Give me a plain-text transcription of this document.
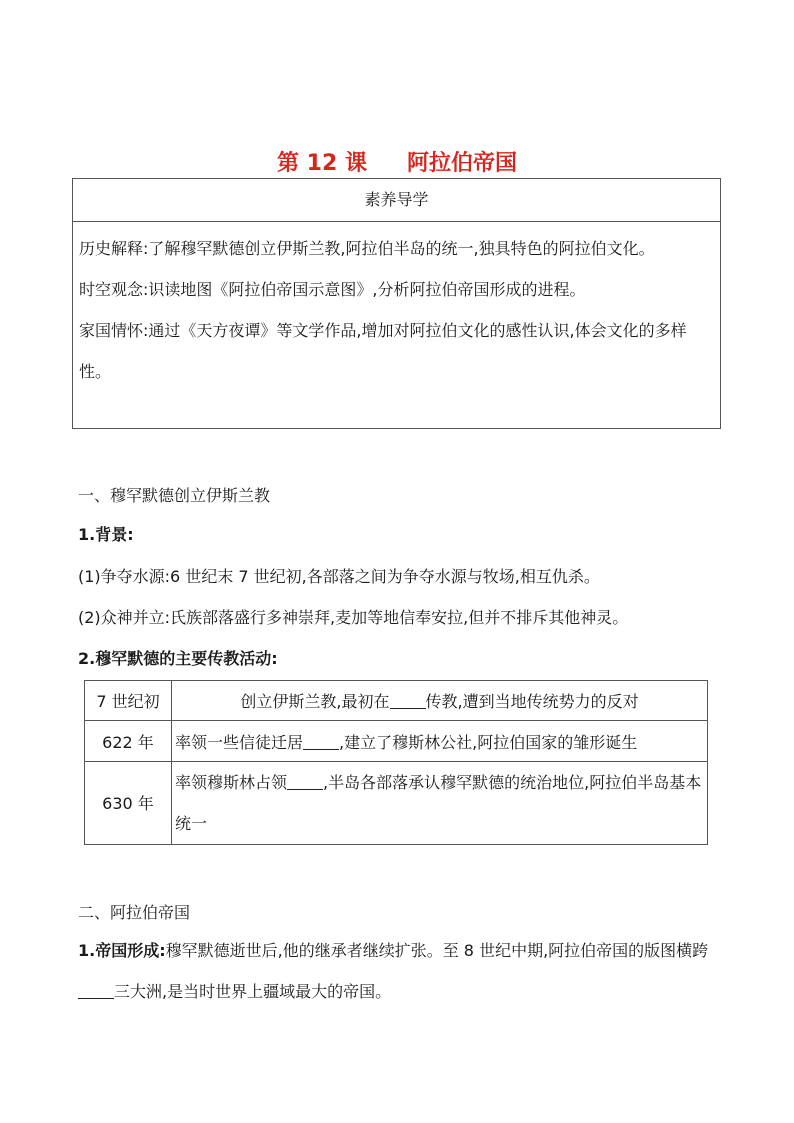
第 12 课 阿拉伯帝国
素养导学

历史解释:了解穆罕默德创立伊斯兰教,阿拉伯半岛的统一,独具特色的阿拉伯文化。

时空观念:识读地图《阿拉伯帝国示意图》,分析阿拉伯帝国形成的进程。

家国情怀:通过《天方夜谭》等文学作品,增加对阿拉伯文化的感性认识,体会文化的多样性。

一、穆罕默德创立伊斯兰教
1.背景:
(1)争夺水源:6 世纪末 7 世纪初,各部落之间为争夺水源与牧场,相互仇杀。
(2)众神并立:氏族部落盛行多神崇拜,麦加等地信奉安拉,但并不排斥其他神灵。
2.穆罕默德的主要传教活动:
7 世纪初	创立伊斯兰教,最初在 传教,遭到当地传统势力的反对
622 年	率领一些信徒迁居 ,建立了穆斯林公社,阿拉伯国家的雏形诞生
630 年	率领穆斯林占领 ,半岛各部落承认穆罕默德的统治地位,阿拉伯半岛基本统一
二、阿拉伯帝国
1.帝国形成:穆罕默德逝世后,他的继承者继续扩张。至 8 世纪中期,阿拉伯帝国的版图横跨三大洲,是当时世界上疆域最大的帝国。
